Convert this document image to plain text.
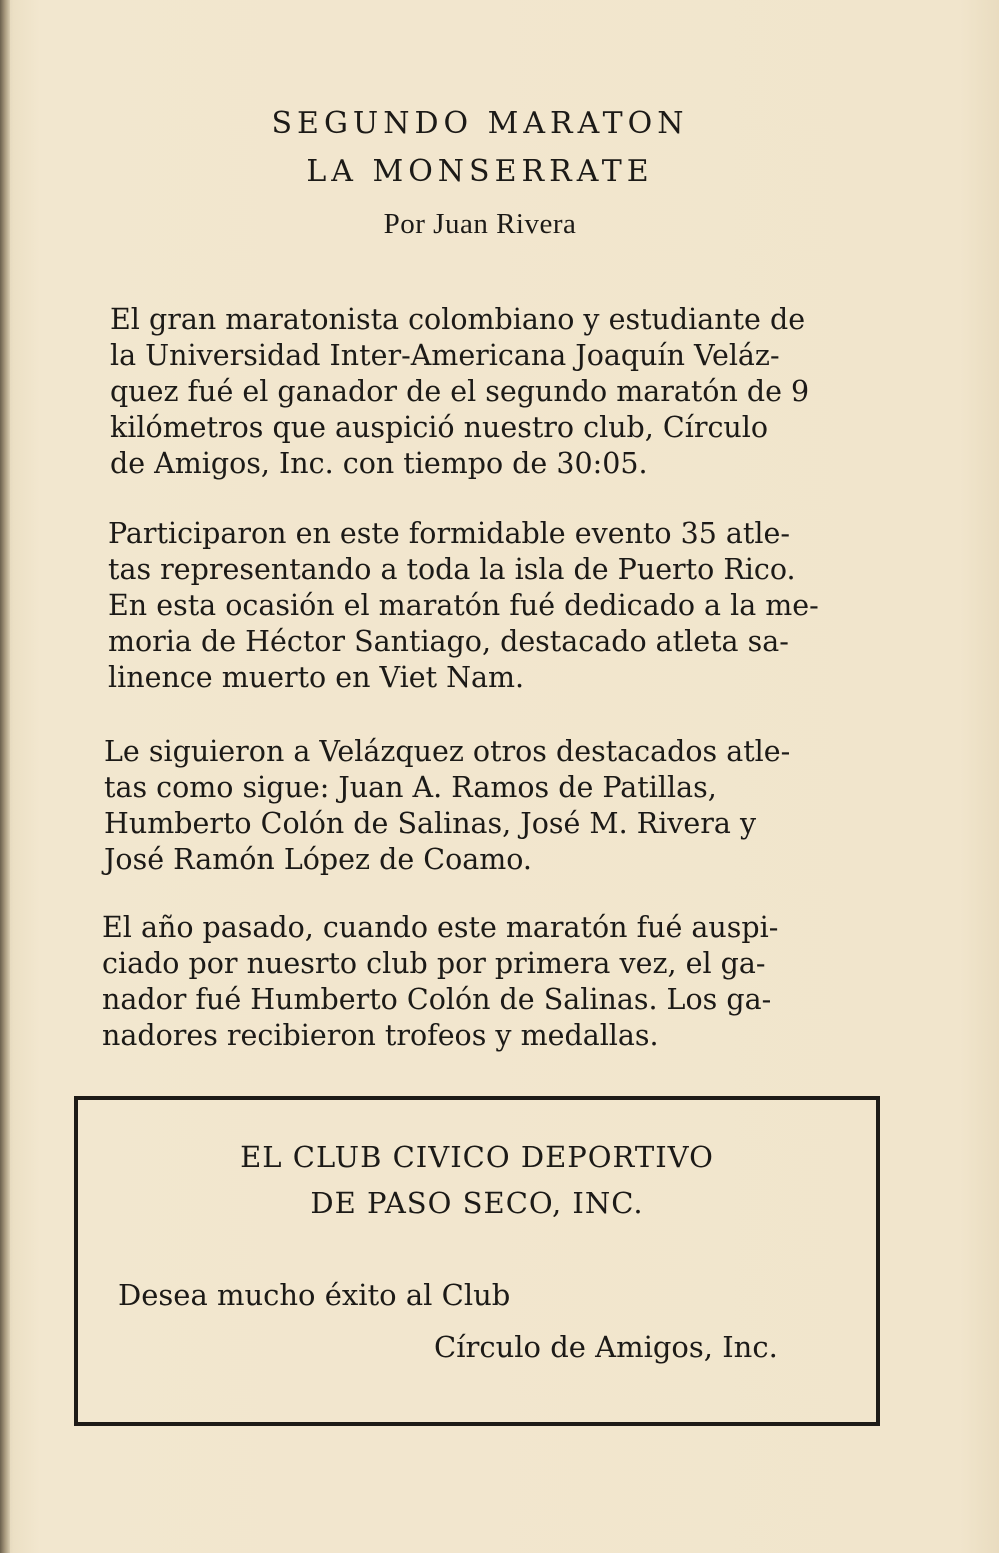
SEGUNDO MARATON
LA MONSERRATE
Por Juan Rivera
El gran maratonista colombiano y estudiante de
la Universidad Inter-Americana Joaquín Veláz-
quez fué el ganador de el segundo maratón de 9
kilómetros que auspició nuestro club, Círculo
de Amigos, Inc. con tiempo de 30:05.
Participaron en este formidable evento 35 atle-
tas representando a toda la isla de Puerto Rico.
En esta ocasión el maratón fué dedicado a la me-
moria de Héctor Santiago, destacado atleta sa-
linence muerto en Viet Nam.
Le siguieron a Velázquez otros destacados atle-
tas como sigue: Juan A. Ramos de Patillas,
Humberto Colón de Salinas, José M. Rivera y
José Ramón López de Coamo.
El año pasado, cuando este maratón fué auspi-
ciado por nuesrto club por primera vez, el ga-
nador fué Humberto Colón de Salinas. Los ga-
nadores recibieron trofeos y medallas.
EL CLUB CIVICO DEPORTIVO
DE PASO SECO, INC.
Desea mucho éxito al Club
Círculo de Amigos, Inc.
